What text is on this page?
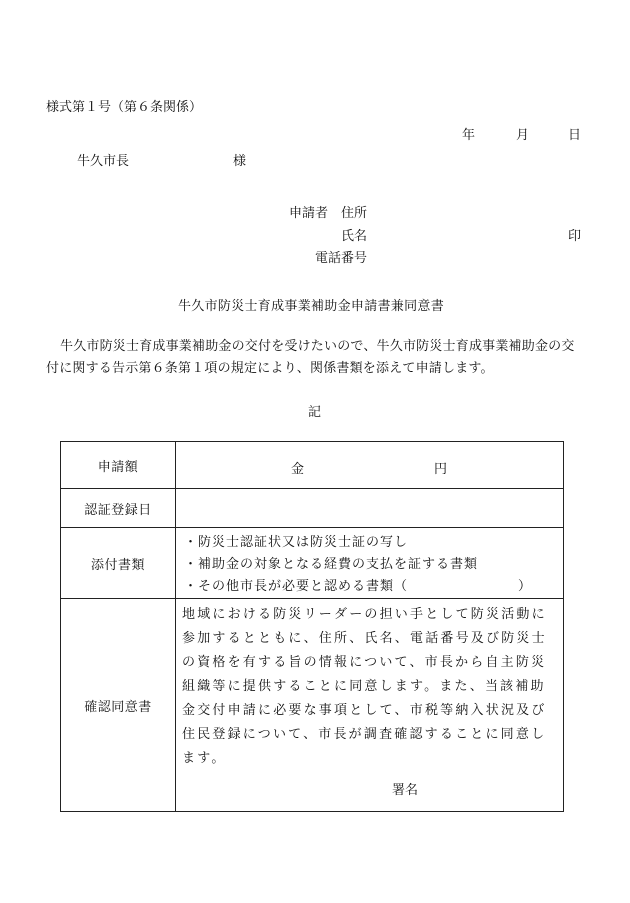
様式第１号（第６条関係）
年	月	日
牛久市長	様
申請者 住所
氏名	印
電話番号
牛久市防災士育成事業補助金申請書兼同意書
牛久市防災士育成事業補助金の交付を受けたいので、牛久市防災士育成事業補助金の交付に関する告示第６条第１項の規定により、関係書類を添えて申請します。
記
申請額	金 円

認証登録日	
添付書類	・防災士認証状又は防災士証の写し
・補助金の対象となる経費の支払を証する書類
・その他市長が必要と認める書類（ ）

確認同意書	地域における防災リーダーの担い手として防災活動に参加するとともに、住所、氏名、電話番号及び防災士の資格を有する旨の情報について、市長から自主防災組織等に提供することに同意します。また、当該補助金交付申請に必要な事項として、市税等納入状況及び住民登録について、市長が調査確認することに同意します。
署名
